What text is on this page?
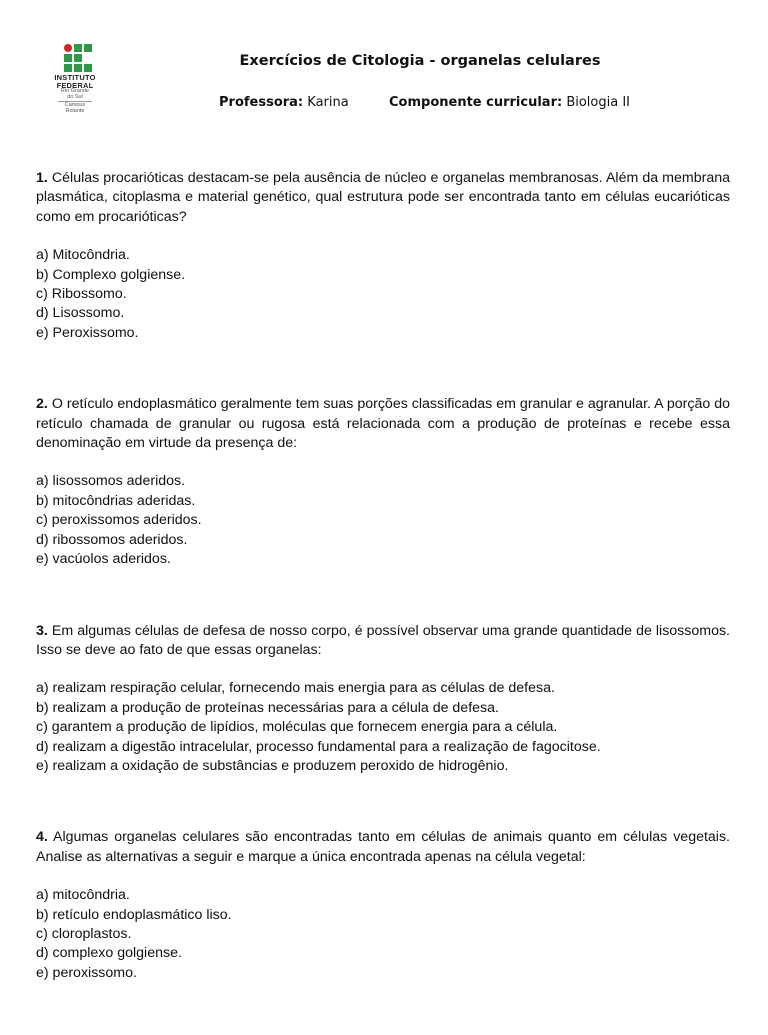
INSTITUTO
FEDERAL
Rio Grande
do Sul
Campus
Rolante
Exercícios de Citologia - organelas celulares
Professora: Karina	Componente curricular: Biologia II

1. Células procarióticas destacam-se pela ausência de núcleo e organelas membranosas. Além da membrana plasmática, citoplasma e material genético, qual estrutura pode ser encontrada tanto em células eucarióticas como em procarióticas?

a) Mitocôndria.
b) Complexo golgiense.
c) Ribossomo.
d) Lisossomo.
e) Peroxissomo.

2. O retículo endoplasmático geralmente tem suas porções classificadas em granular e agranular. A porção do retículo chamada de granular ou rugosa está relacionada com a produção de proteínas e recebe essa denominação em virtude da presença de:

a) lisossomos aderidos.
b) mitocôndrias aderidas.
c) peroxissomos aderidos.
d) ribossomos aderidos.
e) vacúolos aderidos.

3. Em algumas células de defesa de nosso corpo, é possível observar uma grande quantidade de lisossomos. Isso se deve ao fato de que essas organelas:

a) realizam respiração celular, fornecendo mais energia para as células de defesa.
b) realizam a produção de proteínas necessárias para a célula de defesa.
c) garantem a produção de lipídios, moléculas que fornecem energia para a célula.
d) realizam a digestão intracelular, processo fundamental para a realização de fagocitose.
e) realizam a oxidação de substâncias e produzem peroxido de hidrogênio.

4. Algumas organelas celulares são encontradas tanto em células de animais quanto em células vegetais. Analise as alternativas a seguir e marque a única encontrada apenas na célula vegetal:

a) mitocôndria.
b) retículo endoplasmático liso.
c) cloroplastos.
d) complexo golgiense.
e) peroxissomo.
